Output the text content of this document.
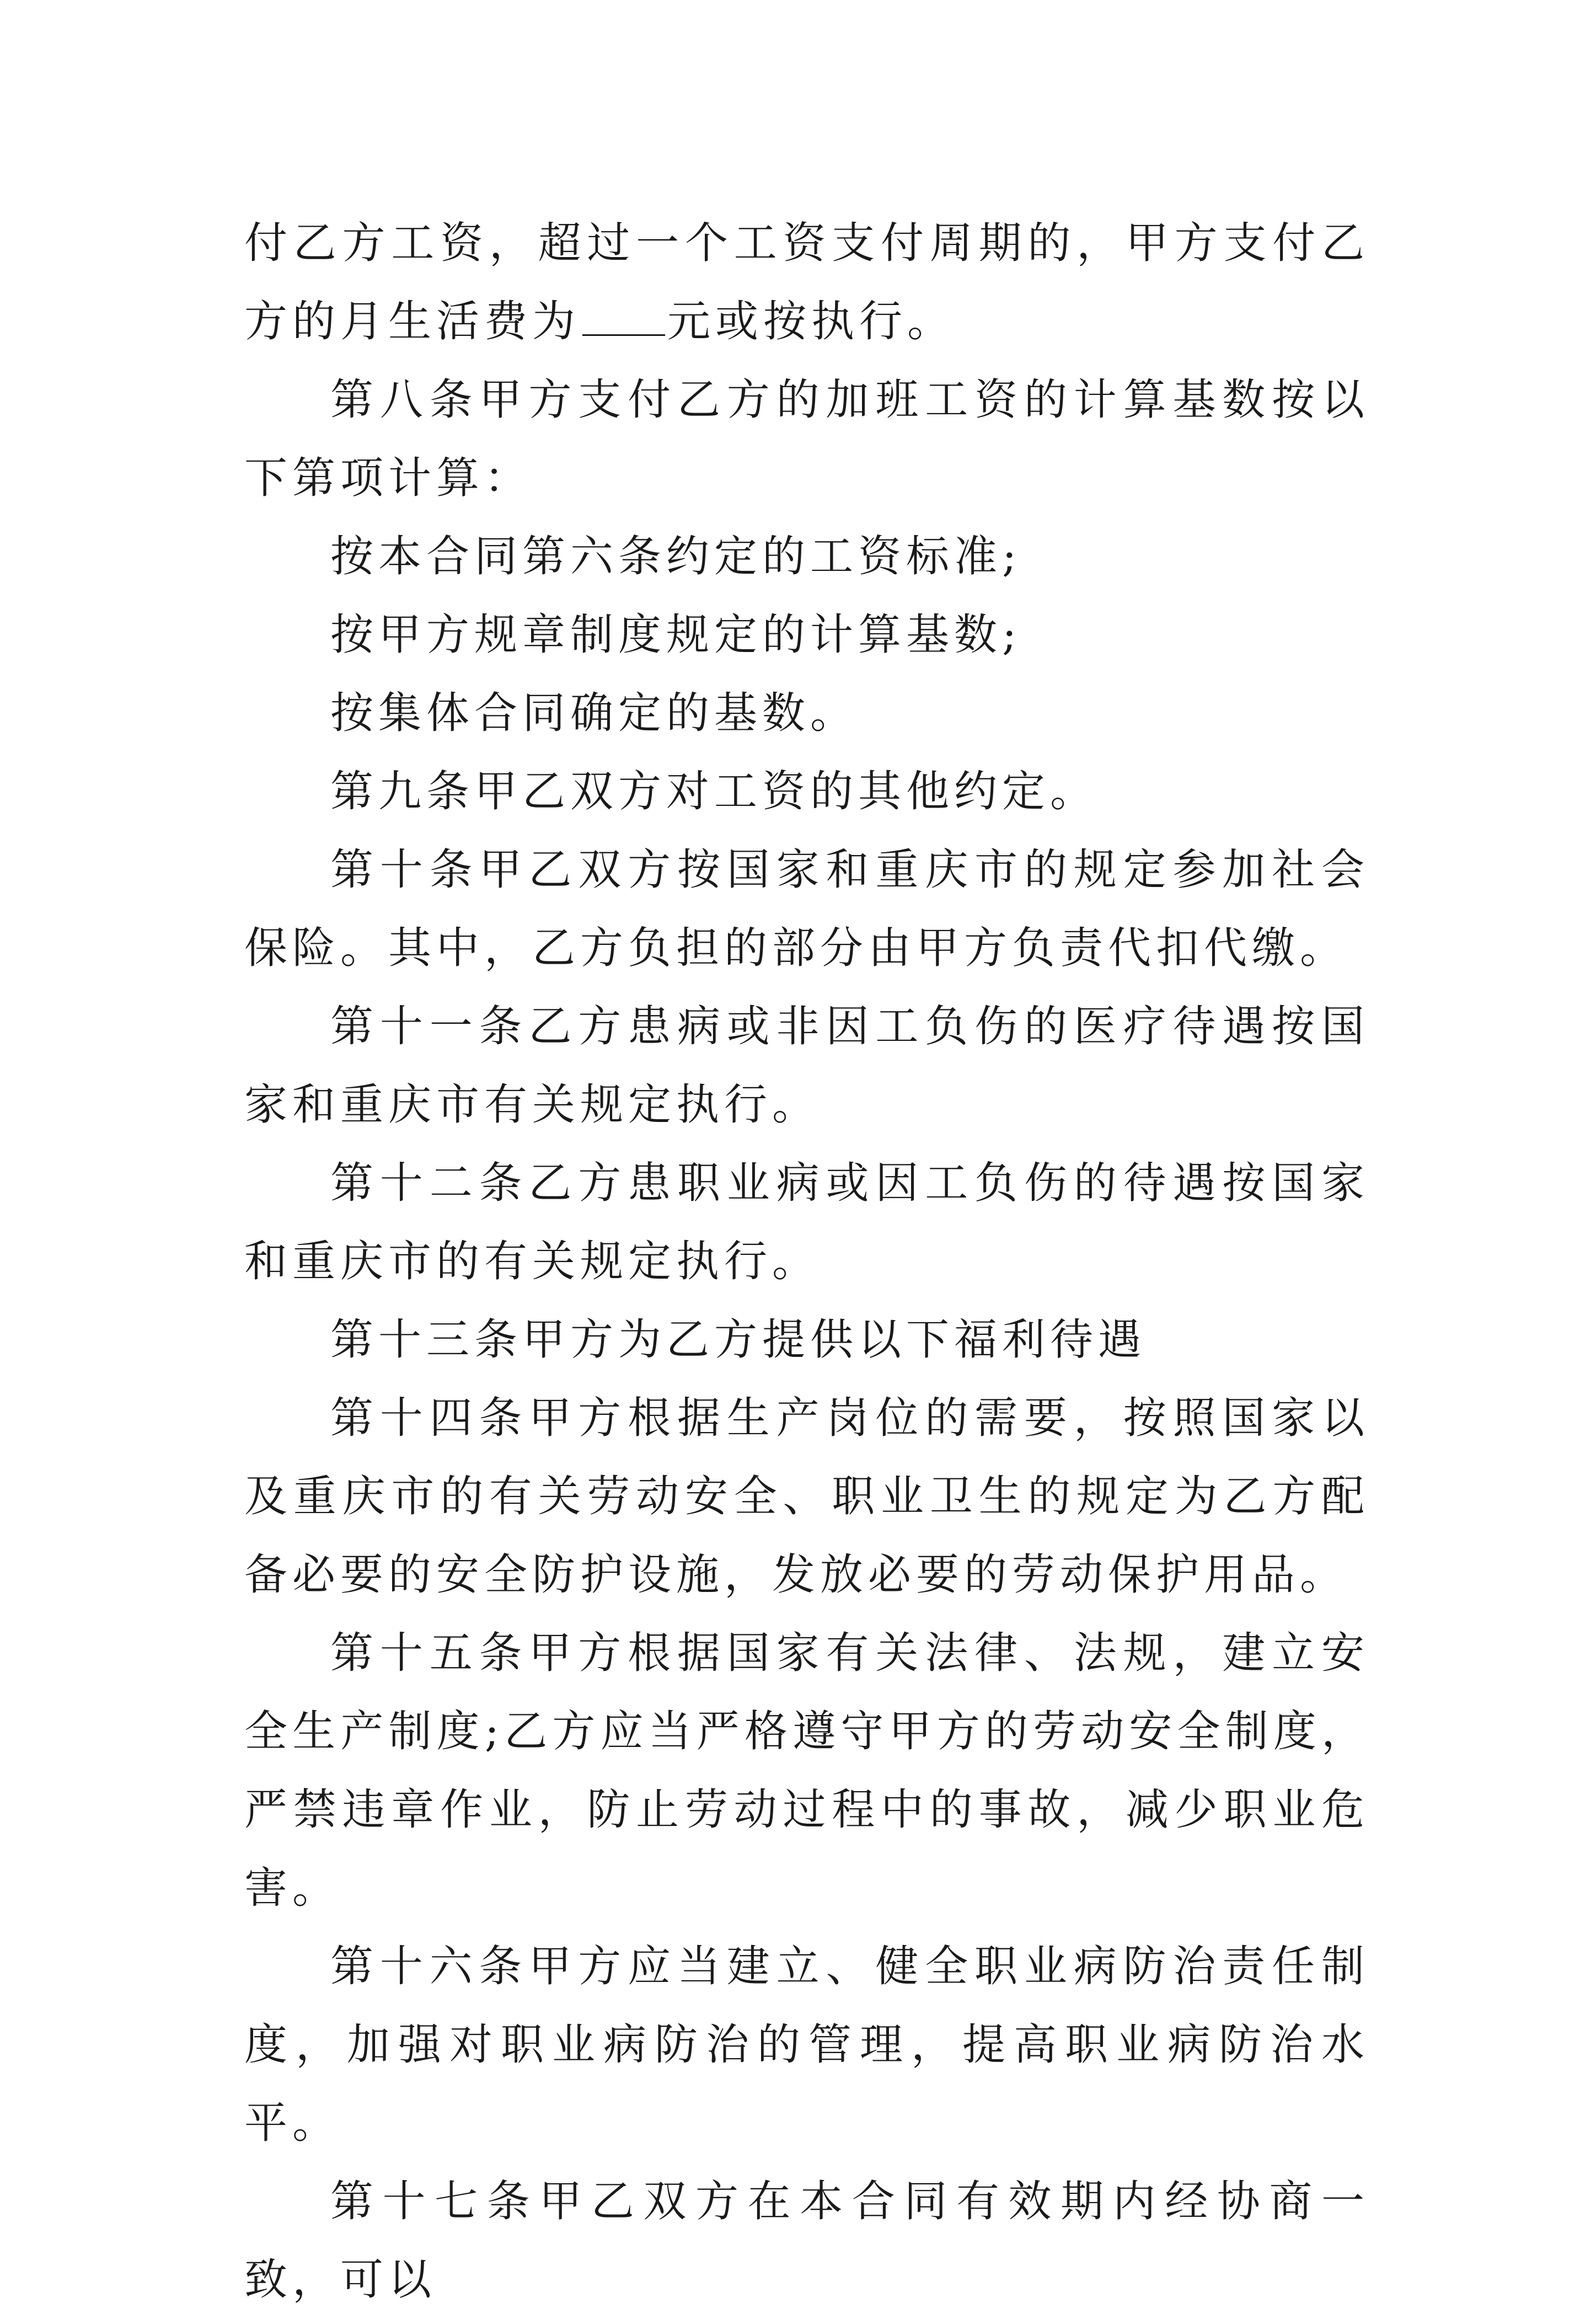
付乙方工资，超过一个工资支付周期的，甲方支付乙方的月生活费为 元或按执行。

第八条甲方支付乙方的加班工资的计算基数按以下第项计算：

按本合同第六条约定的工资标准;

按甲方规章制度规定的计算基数;

按集体合同确定的基数。

第九条甲乙双方对工资的其他约定。

第十条甲乙双方按国家和重庆市的规定参加社会保险。其中，乙方负担的部分由甲方负责代扣代缴。

第十一条乙方患病或非因工负伤的医疗待遇按国家和重庆市有关规定执行。

第十二条乙方患职业病或因工负伤的待遇按国家和重庆市的有关规定执行。

第十三条甲方为乙方提供以下福利待遇

第十四条甲方根据生产岗位的需要，按照国家以及重庆市的有关劳动安全、职业卫生的规定为乙方配备必要的安全防护设施，发放必要的劳动保护用品。

第十五条甲方根据国家有关法律、法规，建立安全生产制度;乙方应当严格遵守甲方的劳动安全制度，严禁违章作业，防止劳动过程中的事故，减少职业危害。

第十六条甲方应当建立、健全职业病防治责任制度，加强对职业病防治的管理，提高职业病防治水平。

第十七条甲乙双方在本合同有效期内经协商一致，可以
